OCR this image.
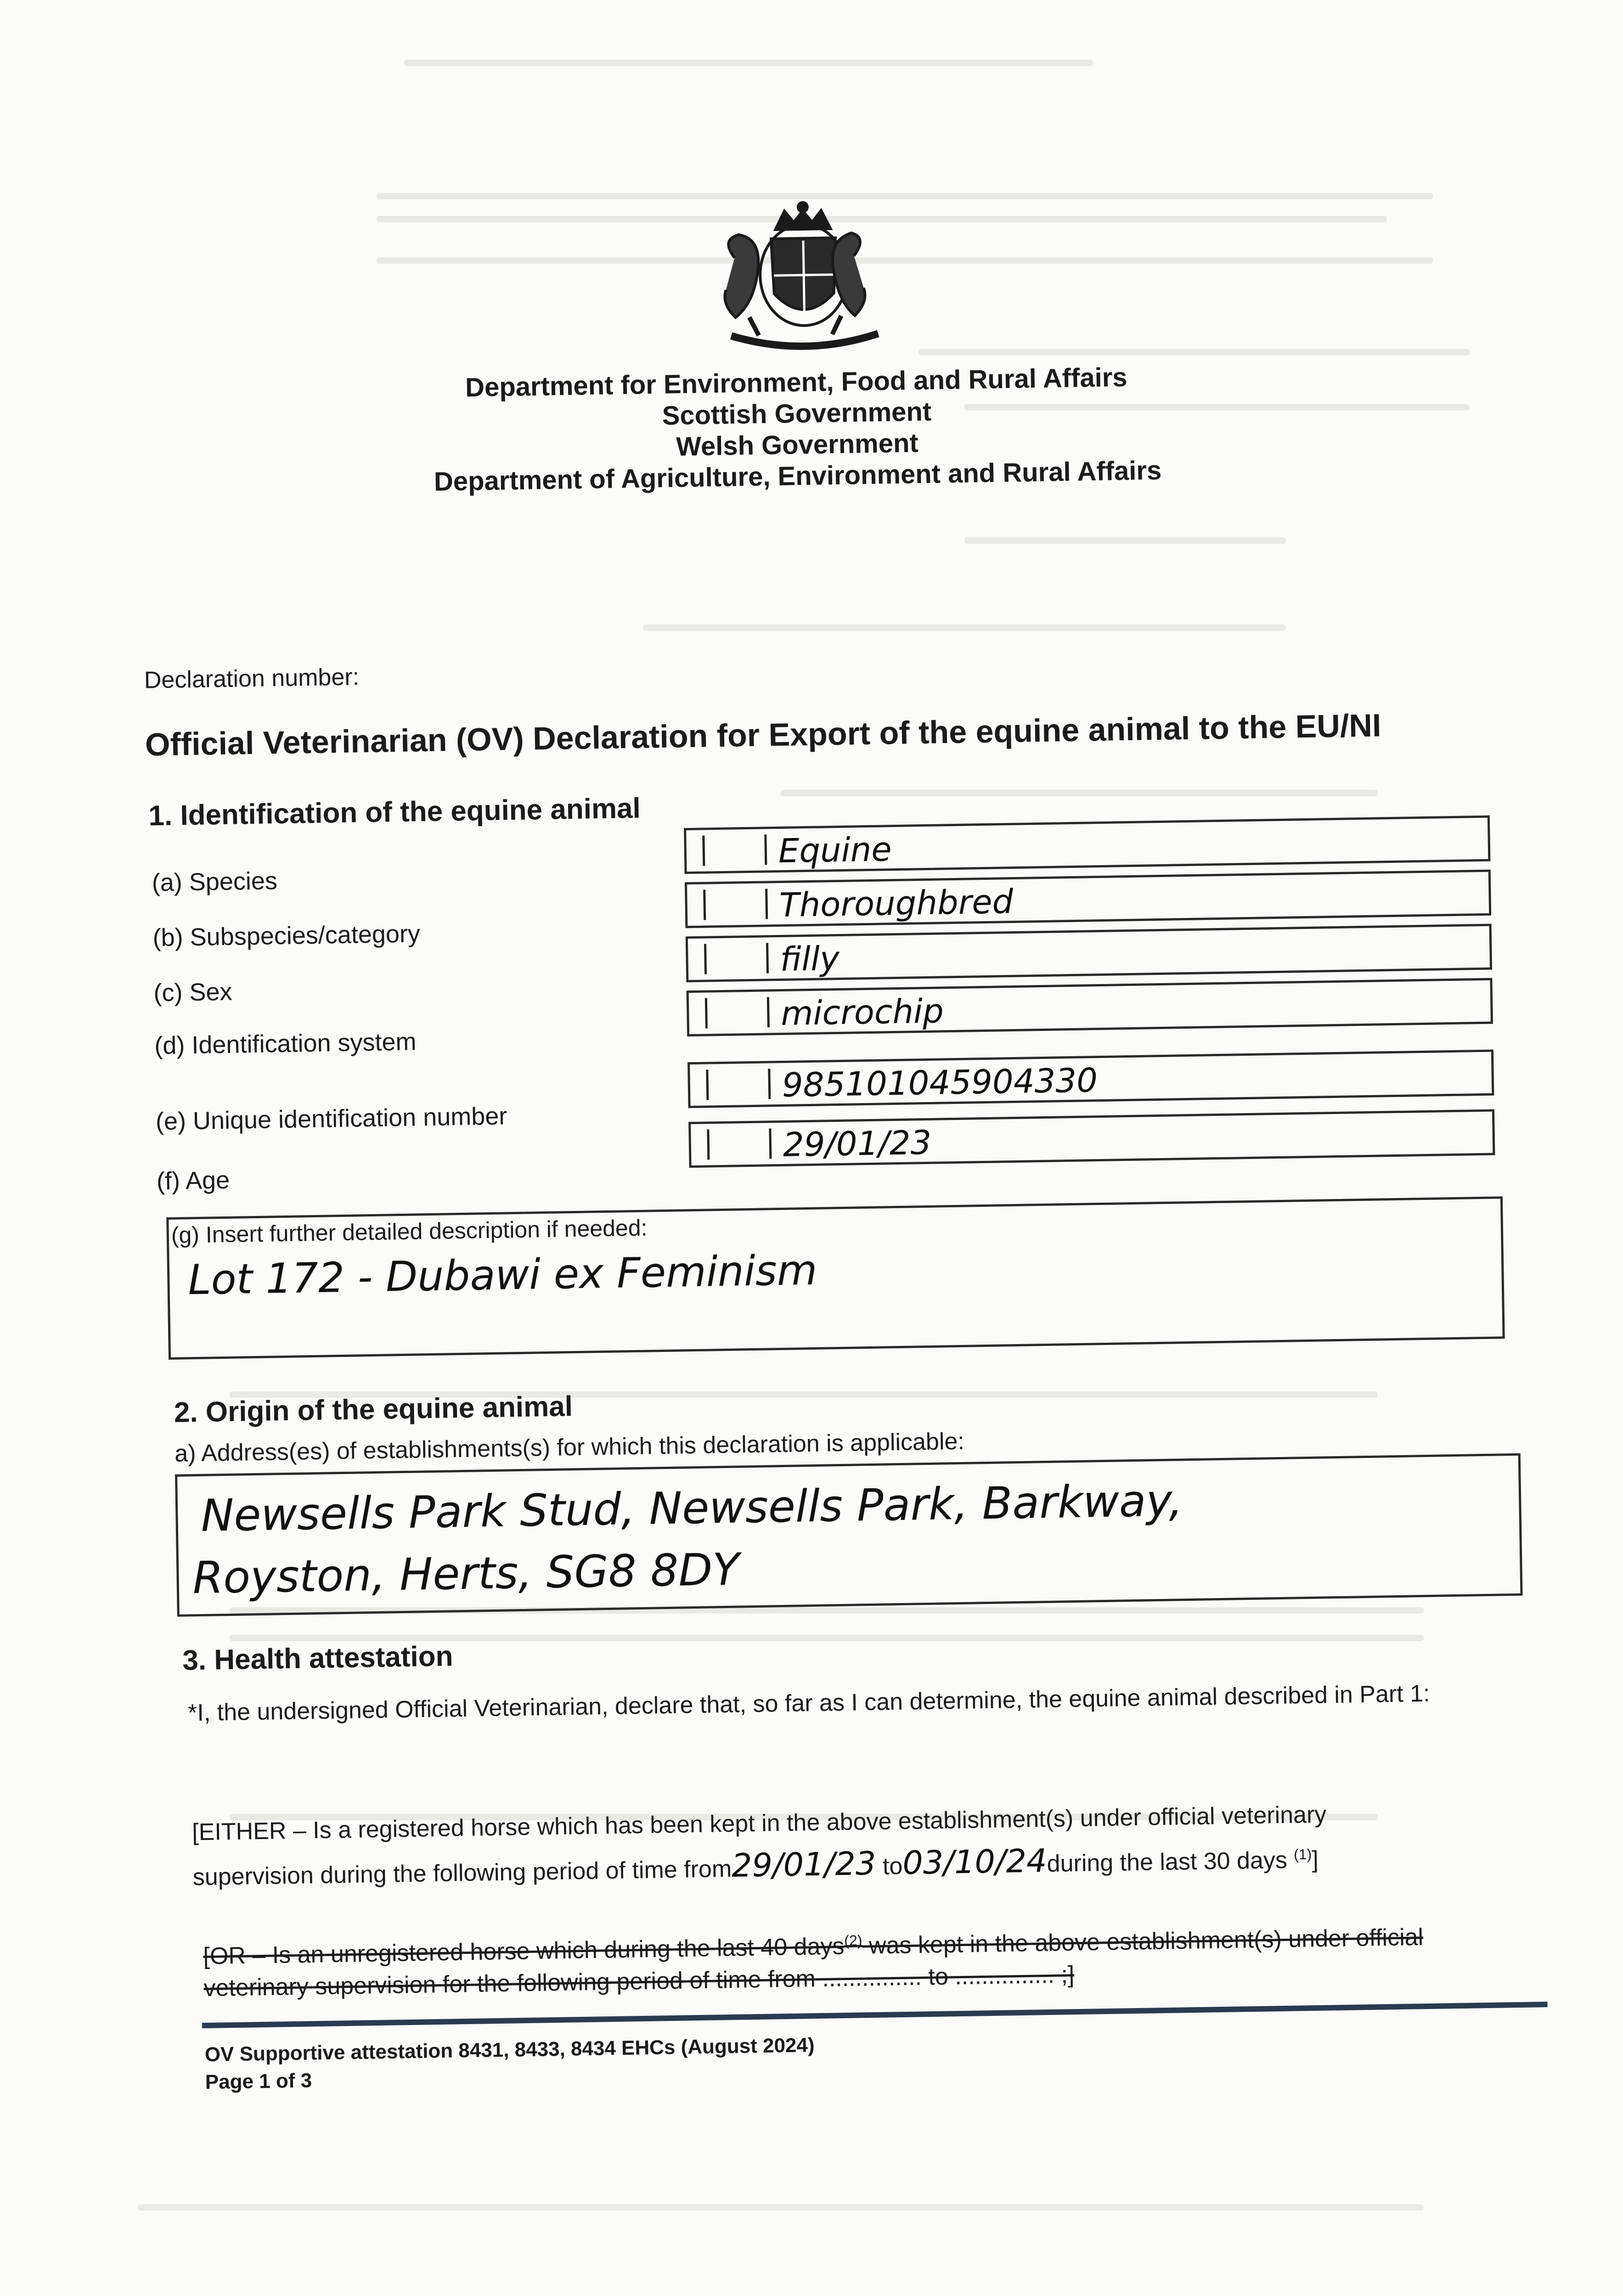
Department for Environment, Food and Rural Affairs
Scottish Government
Welsh Government
Department of Agriculture, Environment and Rural Affairs
Declaration number:
Official Veterinarian (OV) Declaration for Export of the equine animal to the EU/NI
1. Identification of the equine animal
(a) Species
Equine
(b) Subspecies/category
Thoroughbred
(c) Sex
filly
(d) Identification system
microchip
(e) Unique identification number
985101045904330
(f) Age
29/01/23
(g) Insert further detailed description if needed:
Lot 172 - Dubawi ex Feminism
2. Origin of the equine animal
a) Address(es) of establishments(s) for which this declaration is applicable:
Newsells Park Stud, Newsells Park, Barkway,
Royston, Herts, SG8 8DY
3. Health attestation
*I, the undersigned Official Veterinarian, declare that, so far as I can determine, the equine animal described in Part 1:
[EITHER – Is a registered horse which has been kept in the above establishment(s) under official veterinary
supervision during the following period of time from29/01/23 to03/10/24during the last 30 days $^{(1)}$]
[OR – Is an unregistered horse which during the last 40 days$^{(2)}$ was kept in the above establishment(s) under official
veterinary supervision for the following period of time from ............... to ............... ;]
OV Supportive attestation 8431, 8433, 8434 EHCs (August 2024)
Page 1 of 3
